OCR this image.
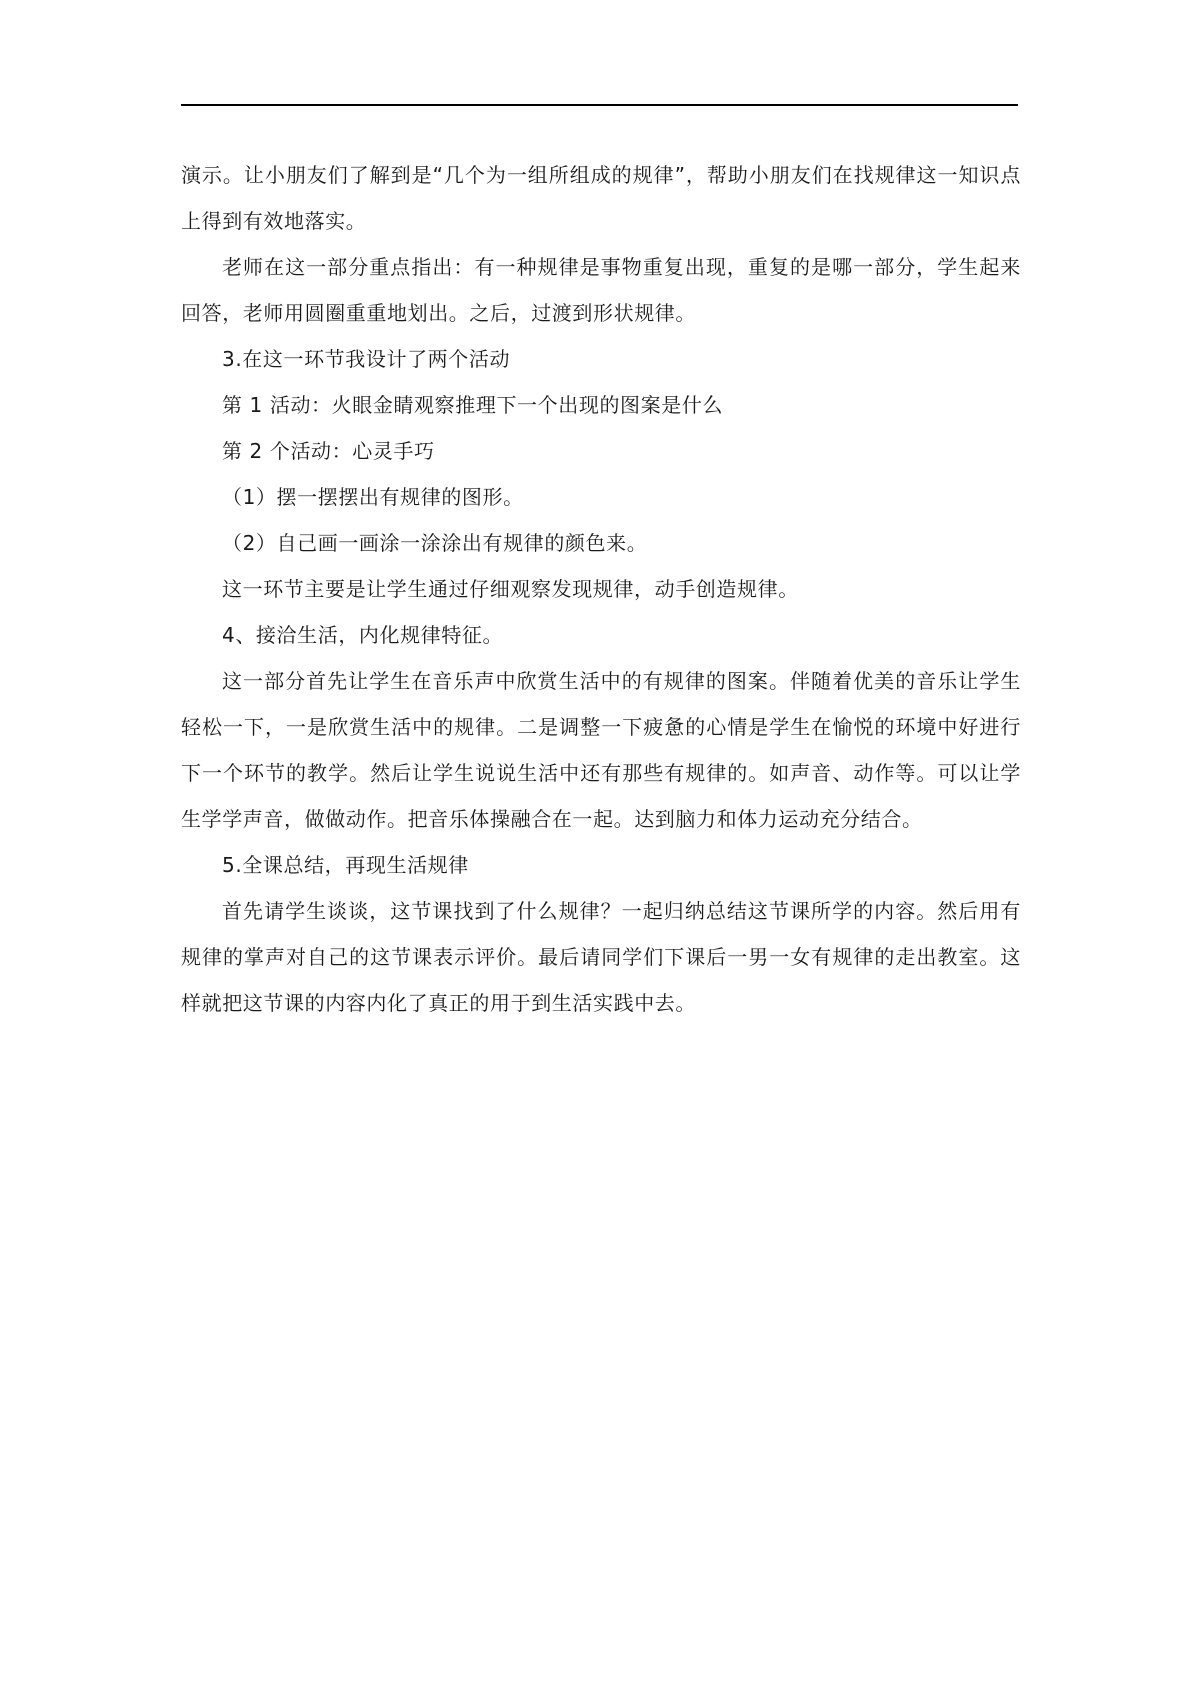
演示。让小朋友们了解到是“几个为一组所组成的规律”，帮助小朋友们在找规律这一知识点上得到有效地落实。

老师在这一部分重点指出：有一种规律是事物重复出现，重复的是哪一部分，学生起来回答，老师用圆圈重重地划出。之后，过渡到形状规律。

3.在这一环节我设计了两个活动

第 1 活动：火眼金睛观察推理下一个出现的图案是什么

第 2 个活动：心灵手巧

（1）摆一摆摆出有规律的图形。

（2）自己画一画涂一涂涂出有规律的颜色来。

这一环节主要是让学生通过仔细观察发现规律，动手创造规律。

4、接洽生活，内化规律特征。

这一部分首先让学生在音乐声中欣赏生活中的有规律的图案。伴随着优美的音乐让学生轻松一下，一是欣赏生活中的规律。二是调整一下疲惫的心情是学生在愉悦的环境中好进行下一个环节的教学。然后让学生说说生活中还有那些有规律的。如声音、动作等。可以让学生学学声音，做做动作。把音乐体操融合在一起。达到脑力和体力运动充分结合。

5.全课总结，再现生活规律

首先请学生谈谈，这节课找到了什么规律？一起归纳总结这节课所学的内容。然后用有规律的掌声对自己的这节课表示评价。最后请同学们下课后一男一女有规律的走出教室。这样就把这节课的内容内化了真正的用于到生活实践中去。
